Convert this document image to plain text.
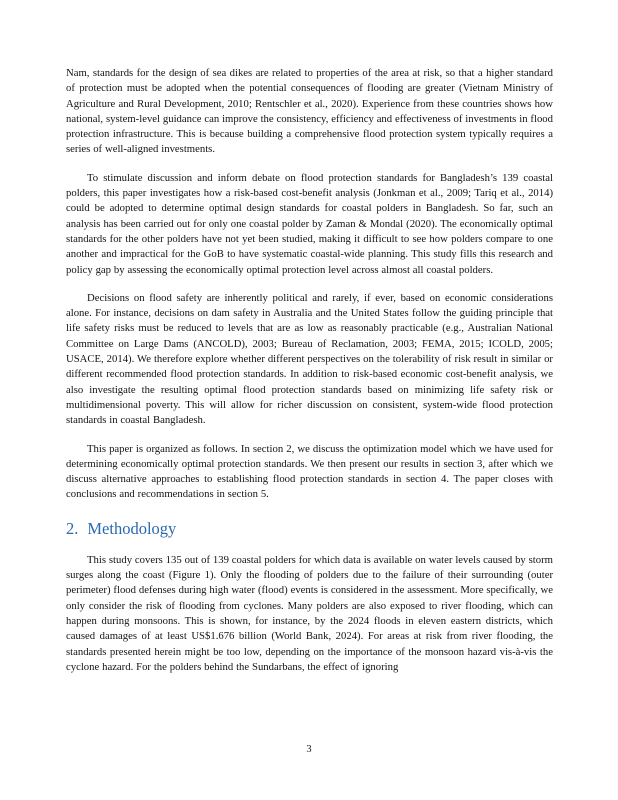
Nam, standards for the design of sea dikes are related to properties of the area at risk, so that a higher standard of protection must be adopted when the potential consequences of flooding are greater (Vietnam Ministry of Agriculture and Rural Development, 2010; Rentschler et al., 2020). Experience from these countries shows how national, system-level guidance can improve the consistency, efficiency and effectiveness of investments in flood protection infrastructure. This is because building a comprehensive flood protection system typically requires a series of well-aligned investments.

To stimulate discussion and inform debate on flood protection standards for Bangladesh’s 139 coastal polders, this paper investigates how a risk-based cost-benefit analysis (Jonkman et al., 2009; Tariq et al., 2014) could be adopted to determine optimal design standards for coastal polders in Bangladesh. So far, such an analysis has been carried out for only one coastal polder by Zaman & Mondal (2020). The economically optimal standards for the other polders have not yet been studied, making it difficult to see how polders compare to one another and impractical for the GoB to have systematic coastal-wide planning. This study fills this research and policy gap by assessing the economically optimal protection level across almost all coastal polders.

Decisions on flood safety are inherently political and rarely, if ever, based on economic considerations alone. For instance, decisions on dam safety in Australia and the United States follow the guiding principle that life safety risks must be reduced to levels that are as low as reasonably practicable (e.g., Australian National Committee on Large Dams (ANCOLD), 2003; Bureau of Reclamation, 2003; FEMA, 2015; ICOLD, 2005; USACE, 2014). We therefore explore whether different perspectives on the tolerability of risk result in similar or different recommended flood protection standards. In addition to risk-based economic cost-benefit analysis, we also investigate the resulting optimal flood protection standards based on minimizing life safety risk or multidimensional poverty. This will allow for richer discussion on consistent, system-wide flood protection standards in coastal Bangladesh.

This paper is organized as follows. In section 2, we discuss the optimization model which we have used for determining economically optimal protection standards. We then present our results in section 3, after which we discuss alternative approaches to establishing flood protection standards in section 4. The paper closes with conclusions and recommendations in section 5.

2. Methodology

This study covers 135 out of 139 coastal polders for which data is available on water levels caused by storm surges along the coast (Figure 1). Only the flooding of polders due to the failure of their surrounding (outer perimeter) flood defenses during high water (flood) events is considered in the assessment. More specifically, we only consider the risk of flooding from cyclones. Many polders are also exposed to river flooding, which can happen during monsoons. This is shown, for instance, by the 2024 floods in eleven eastern districts, which caused damages of at least US$1.676 billion (World Bank, 2024). For areas at risk from river flooding, the standards presented herein might be too low, depending on the importance of the monsoon hazard vis-à-vis the cyclone hazard. For the polders behind the Sundarbans, the effect of ignoring

3
